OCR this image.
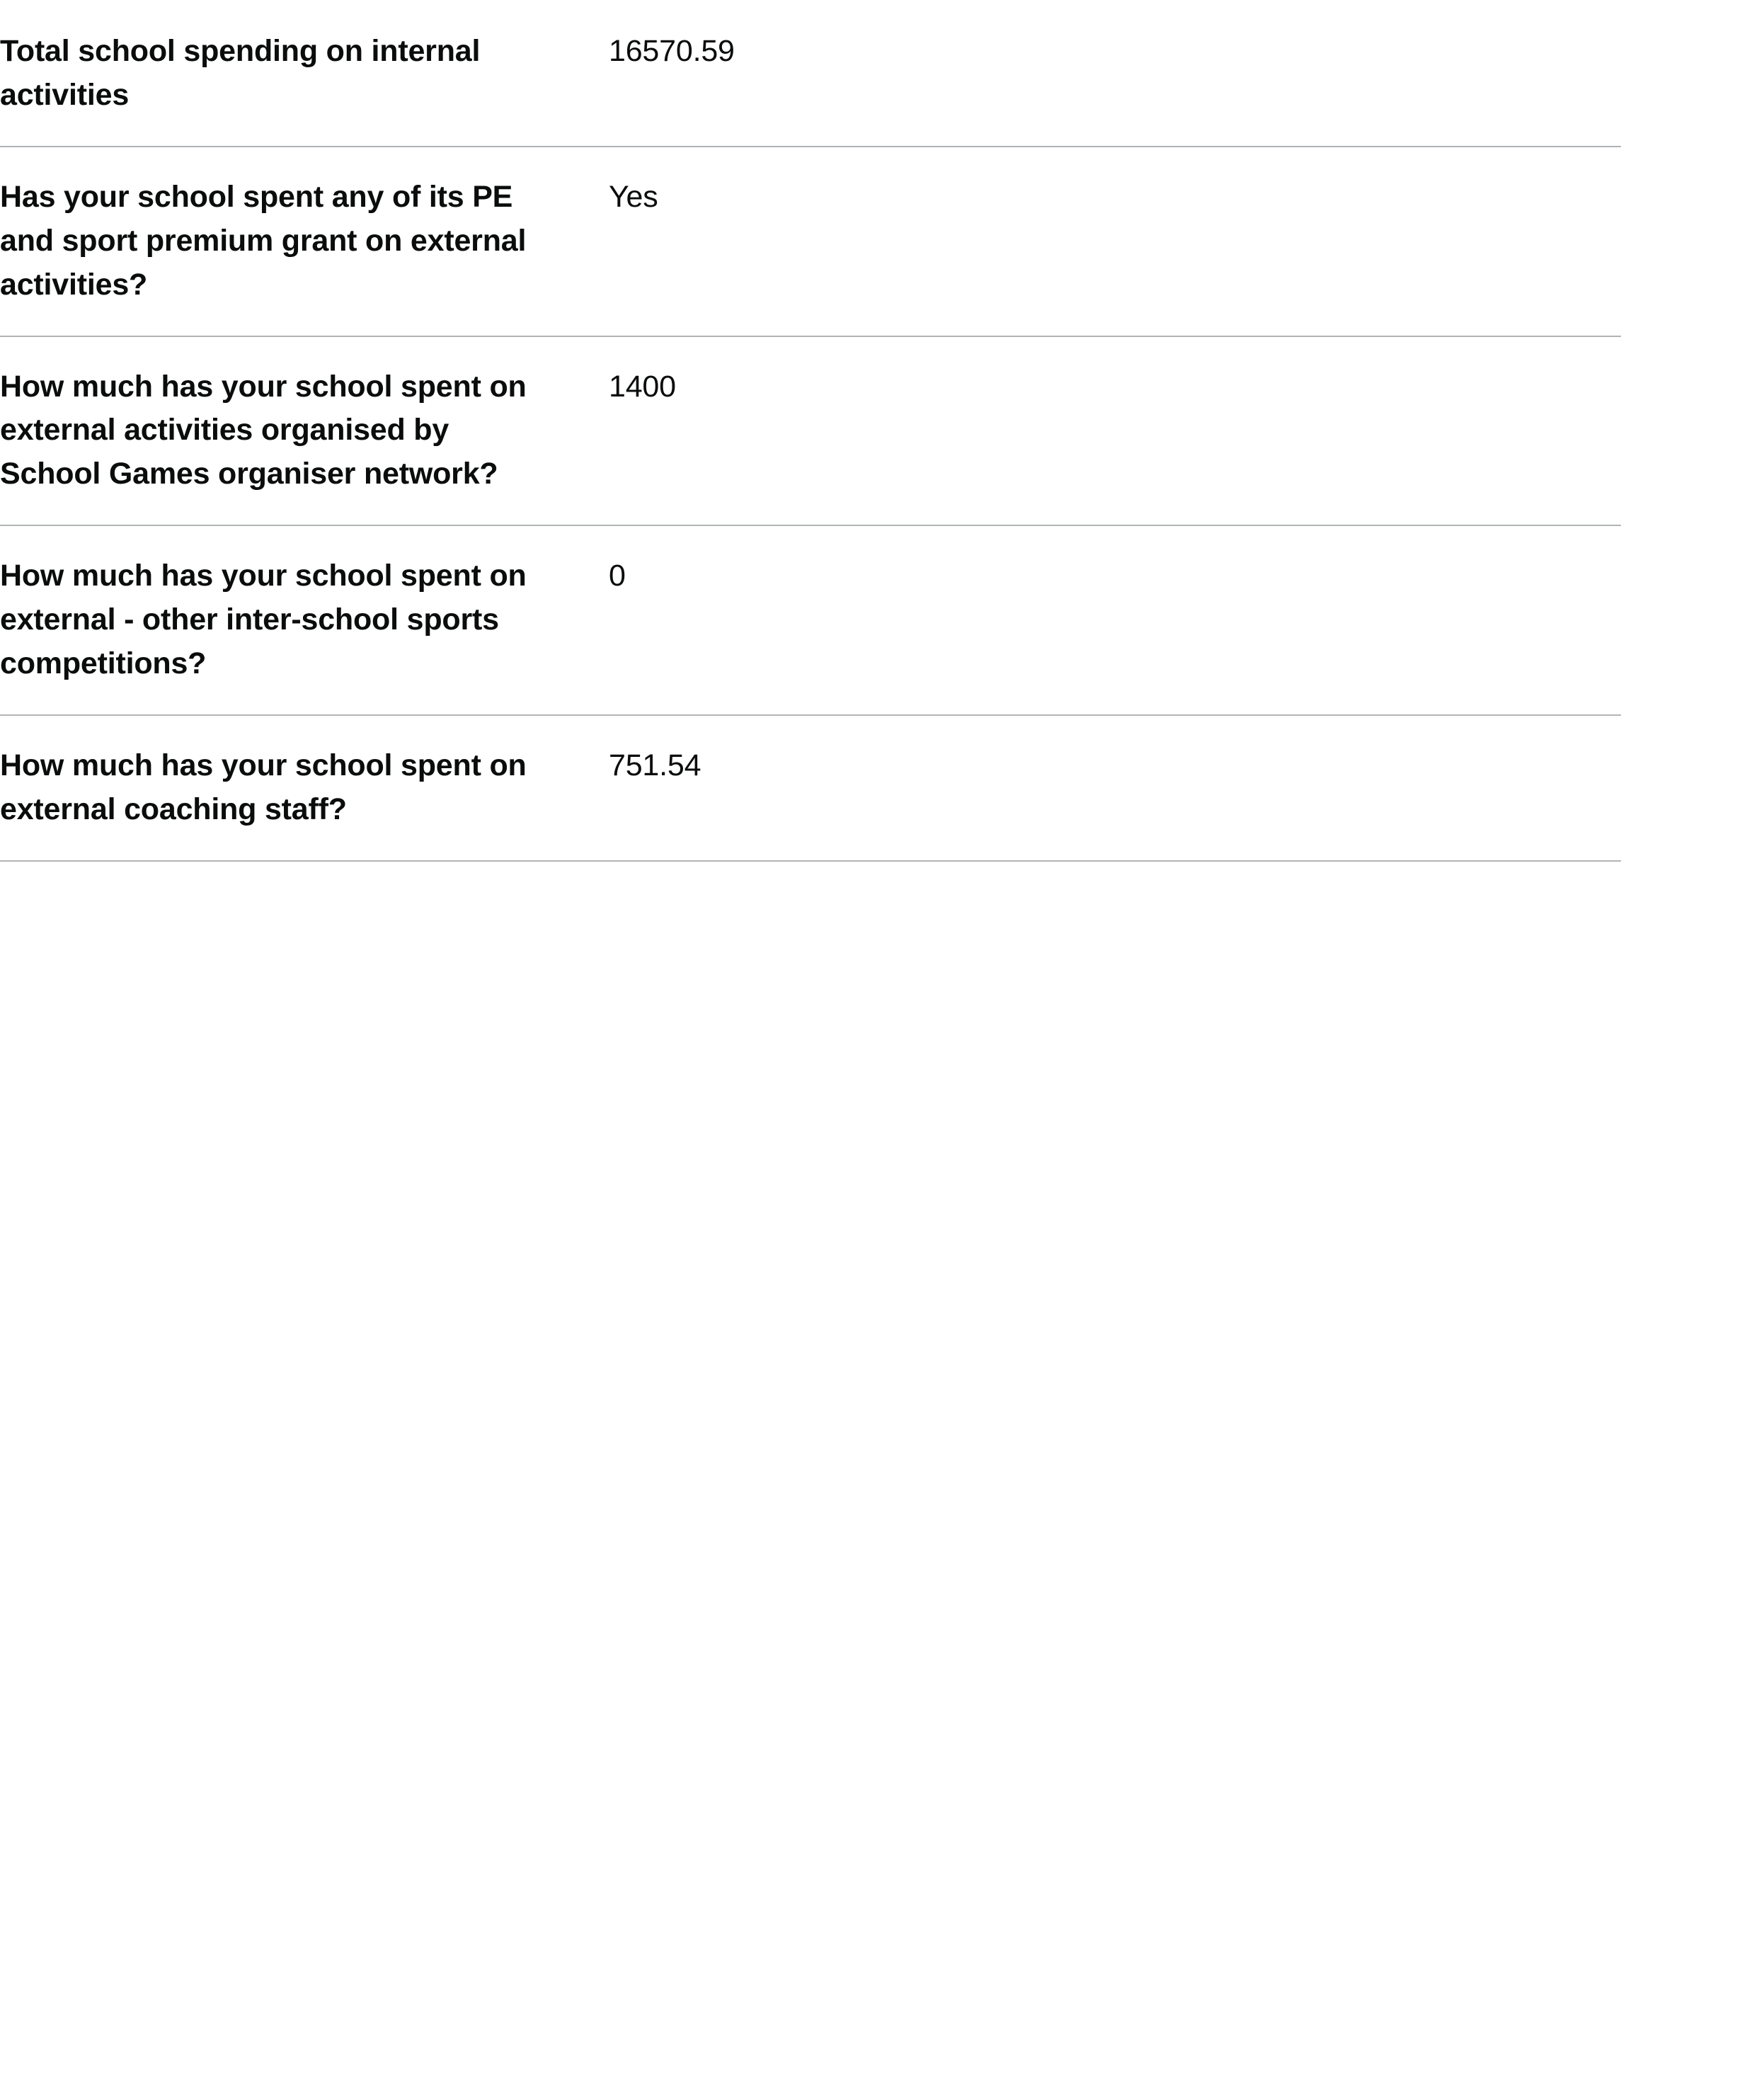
Total school spending on internal activities
16570.59
Has your school spent any of its PE and sport premium grant on external activities?
Yes
How much has your school spent on external activities organised by School Games organiser network?
1400
How much has your school spent on external - other inter-school sports competitions?
0
How much has your school spent on external coaching staff?
751.54
